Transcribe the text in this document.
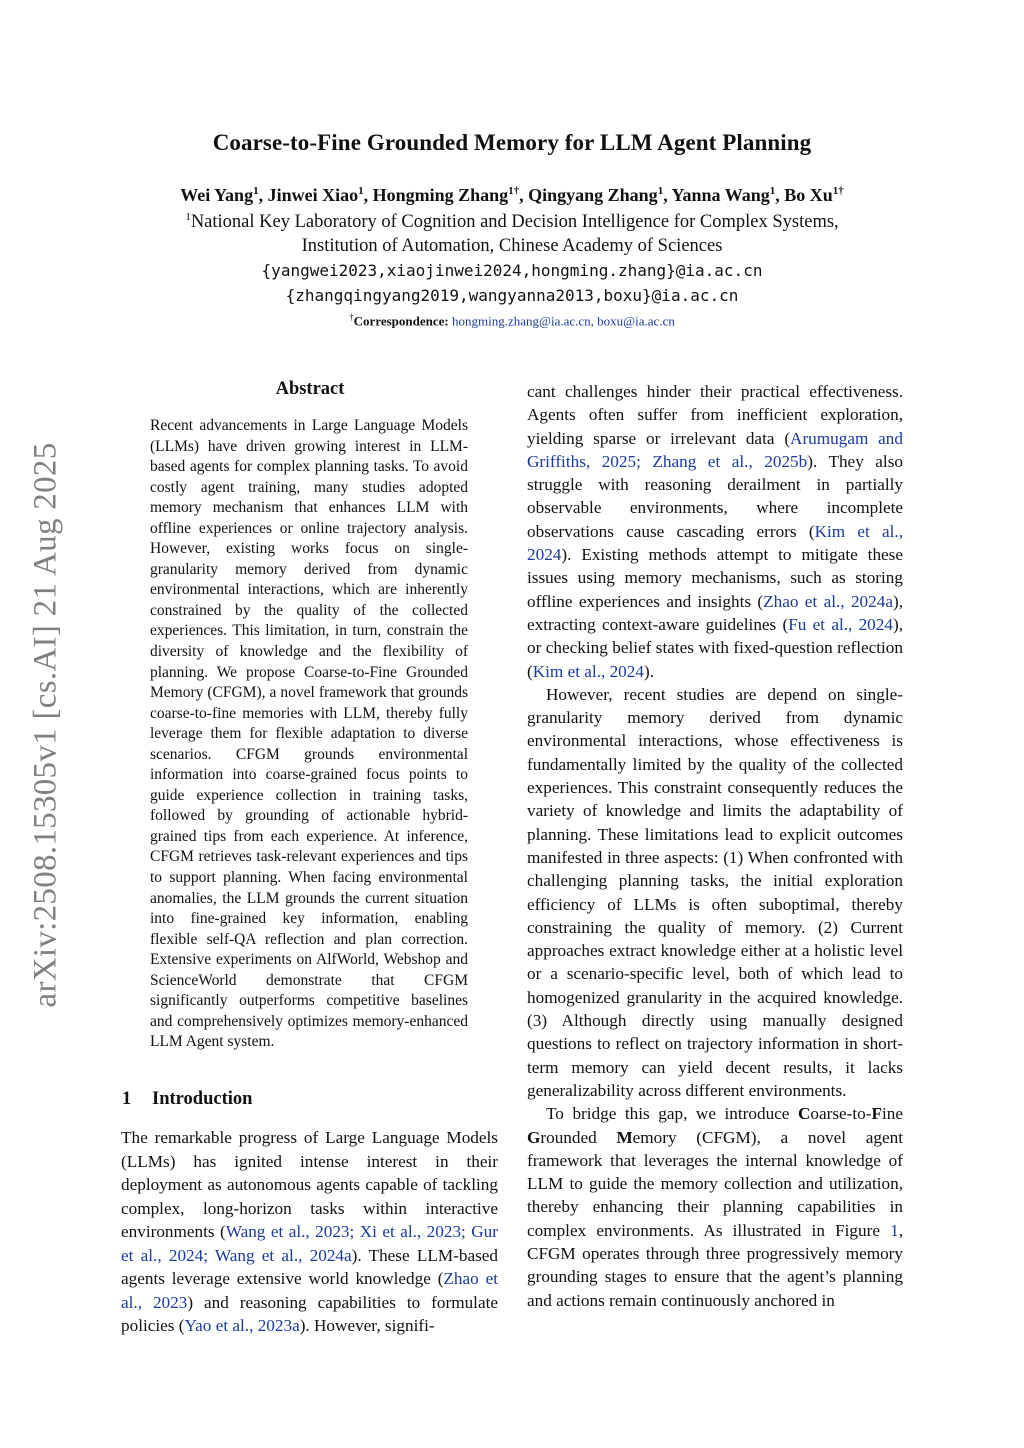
Coarse-to-Fine Grounded Memory for LLM Agent Planning
Wei Yang$^1$, Jinwei Xiao$^1$, Hongming Zhang$^{1\dagger}$, Qingyang Zhang$^1$, Yanna Wang$^1$, Bo $Xu^{1\dagger}$
$^1$National Key Laboratory of Cognition and Decision Intelligence for Complex Systems,
Institution of Automation, Chinese Academy of Sciences
{yangwei2023,xiaojinwei2024,hongming.zhang}@ia.ac.cn
{zhangqingyang2019,wangyanna2013,boxu}@ia.ac.cn
†Correspondence: hongming.zhang@ia.ac.cn, boxu@ia.ac.cn
arXiv:2508.15305v1 [cs.AI] 21 Aug 2025
Abstract
Recent advancements in Large Language Models (LLMs) have driven growing interest in LLM-based agents for complex planning tasks. To avoid costly agent training, many studies adopted memory mechanism that enhances LLM with offline experiences or online trajectory analysis. However, existing works focus on single-granularity memory derived from dynamic environmental interactions, which are inherently constrained by the quality of the collected experiences. This limitation, in turn, constrain the diversity of knowledge and the flexibility of planning. We propose Coarse-to-Fine Grounded Memory (CFGM), a novel framework that grounds coarse-to-fine memories with LLM, thereby fully leverage them for flexible adaptation to diverse scenarios. CFGM grounds environmental information into coarse-grained focus points to guide experience collection in training tasks, followed by grounding of actionable hybrid-grained tips from each experience. At inference, CFGM retrieves task-relevant experiences and tips to support planning. When facing environmental anomalies, the LLM grounds the current situation into fine-grained key information, enabling flexible self-QA reflection and plan correction. Extensive experiments on AlfWorld, Webshop and ScienceWorld demonstrate that CFGM significantly outperforms competitive baselines and comprehensively optimizes memory-enhanced LLM Agent system.
1 Introduction

The remarkable progress of Large Language Models (LLMs) has ignited intense interest in their deployment as autonomous agents capable of tackling complex, long-horizon tasks within interactive environments (Wang et al., 2023; Xi et al., 2023; Gur et al., 2024; Wang et al., 2024a). These LLM-based agents leverage extensive world knowledge (Zhao et al., 2023) and reasoning capabilities to formulate policies (Yao et al., 2023a). However, signifi-

cant challenges hinder their practical effectiveness. Agents often suffer from inefficient exploration, yielding sparse or irrelevant data (Arumugam and Griffiths, 2025; Zhang et al., 2025b). They also struggle with reasoning derailment in partially observable environments, where incomplete observations cause cascading errors (Kim et al., 2024). Existing methods attempt to mitigate these issues using memory mechanisms, such as storing offline experiences and insights (Zhao et al., 2024a), extracting context-aware guidelines (Fu et al., 2024), or checking belief states with fixed-question reflection (Kim et al., 2024).

However, recent studies are depend on single-granularity memory derived from dynamic environmental interactions, whose effectiveness is fundamentally limited by the quality of the collected experiences. This constraint consequently reduces the variety of knowledge and limits the adaptability of planning. These limitations lead to explicit outcomes manifested in three aspects: (1) When confronted with challenging planning tasks, the initial exploration efficiency of LLMs is often suboptimal, thereby constraining the quality of memory. (2) Current approaches extract knowledge either at a holistic level or a scenario-specific level, both of which lead to homogenized granularity in the acquired knowledge. (3) Although directly using manually designed questions to reflect on trajectory information in short-term memory can yield decent results, it lacks generalizability across different environments.

To bridge this gap, we introduce Coarse-to-Fine Grounded Memory (CFGM), a novel agent framework that leverages the internal knowledge of LLM to guide the memory collection and utilization, thereby enhancing their planning capabilities in complex environments. As illustrated in Figure 1, CFGM operates through three progressively memory grounding stages to ensure that the agent’s planning and actions remain continuously anchored in
